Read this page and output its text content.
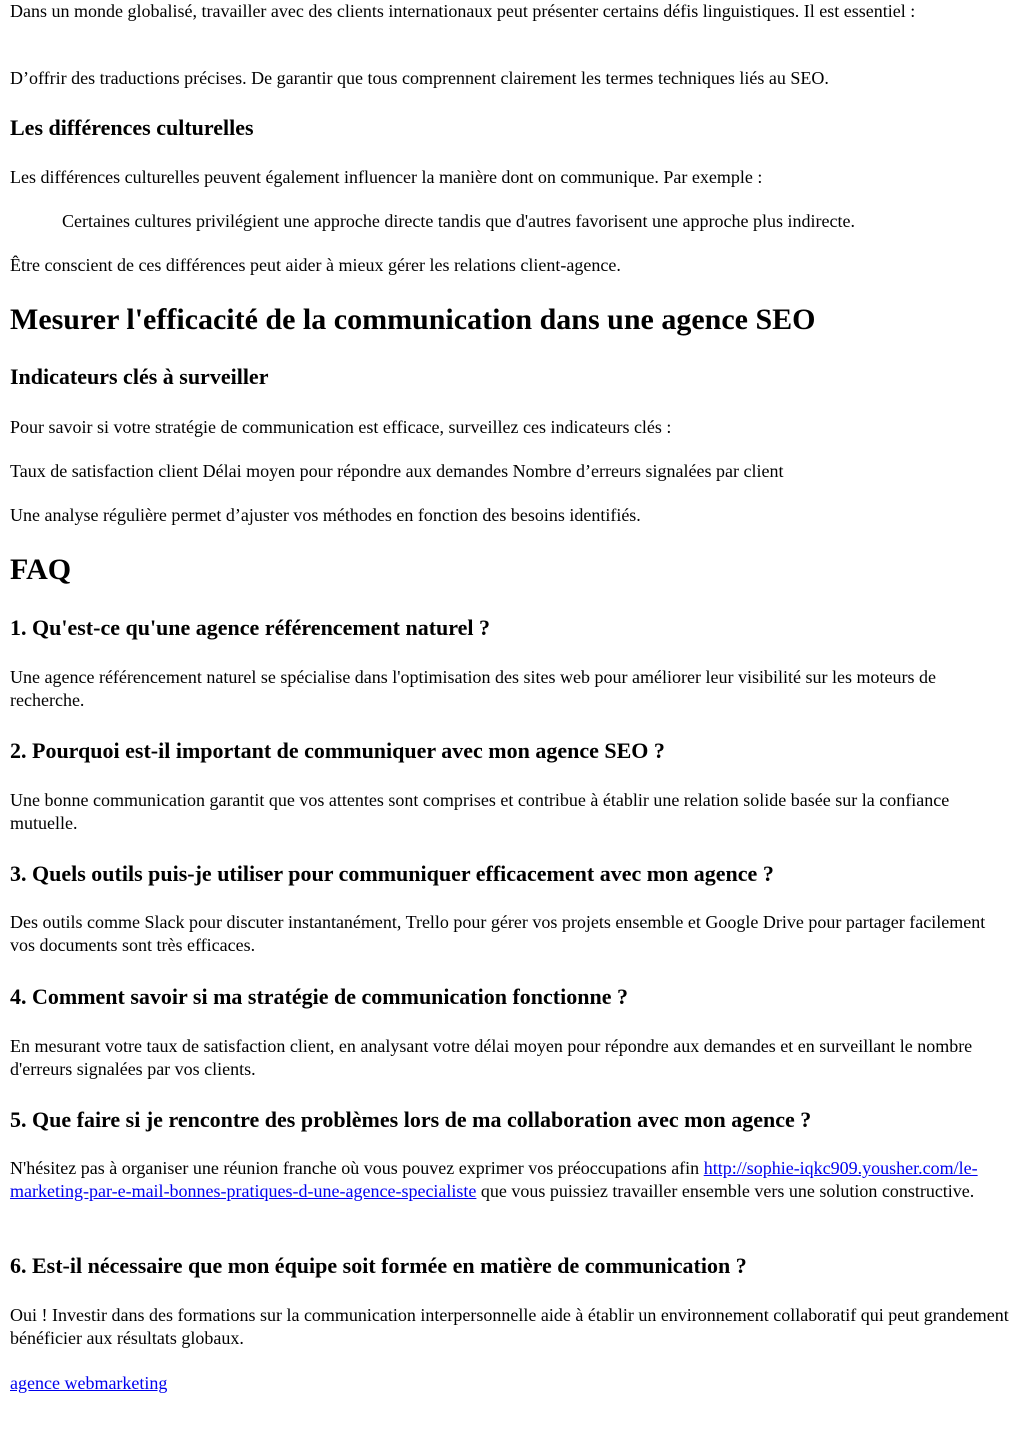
Dans un monde globalisé, travailler avec des clients internationaux peut présenter certains défis linguistiques. Il est essentiel :

D’offrir des traductions précises. De garantir que tous comprennent clairement les termes techniques liés au SEO.

Les différences culturelles

Les différences culturelles peuvent également influencer la manière dont on communique. Par exemple :

Certaines cultures privilégient une approche directe tandis que d'autres favorisent une approche plus indirecte.

Être conscient de ces différences peut aider à mieux gérer les relations client-agence.

Mesurer l'efficacité de la communication dans une agence SEO
Indicateurs clés à surveiller

Pour savoir si votre stratégie de communication est efficace, surveillez ces indicateurs clés :

Taux de satisfaction client Délai moyen pour répondre aux demandes Nombre d’erreurs signalées par client

Une analyse régulière permet d’ajuster vos méthodes en fonction des besoins identifiés.

FAQ
1. Qu'est-ce qu'une agence référencement naturel ?

Une agence référencement naturel se spécialise dans l'optimisation des sites web pour améliorer leur visibilité sur les moteurs de recherche.

2. Pourquoi est-il important de communiquer avec mon agence SEO ?

Une bonne communication garantit que vos attentes sont comprises et contribue à établir une relation solide basée sur la confiance mutuelle.

3. Quels outils puis-je utiliser pour communiquer efficacement avec mon agence ?

Des outils comme Slack pour discuter instantanément, Trello pour gérer vos projets ensemble et Google Drive pour partager facilement vos documents sont très efficaces.

4. Comment savoir si ma stratégie de communication fonctionne ?

En mesurant votre taux de satisfaction client, en analysant votre délai moyen pour répondre aux demandes et en surveillant le nombre d'erreurs signalées par vos clients.

5. Que faire si je rencontre des problèmes lors de ma collaboration avec mon agence ?

N'hésitez pas à organiser une réunion franche où vous pouvez exprimer vos préoccupations afin http://sophie-iqkc909.yousher.com/le-marketing-par-e-mail-bonnes-pratiques-d-une-agence-specialiste que vous puissiez travailler ensemble vers une solution constructive.

6. Est-il nécessaire que mon équipe soit formée en matière de communication ?

Oui ! Investir dans des formations sur la communication interpersonnelle aide à établir un environnement collaboratif qui peut grandement bénéficier aux résultats globaux.

agence webmarketing
